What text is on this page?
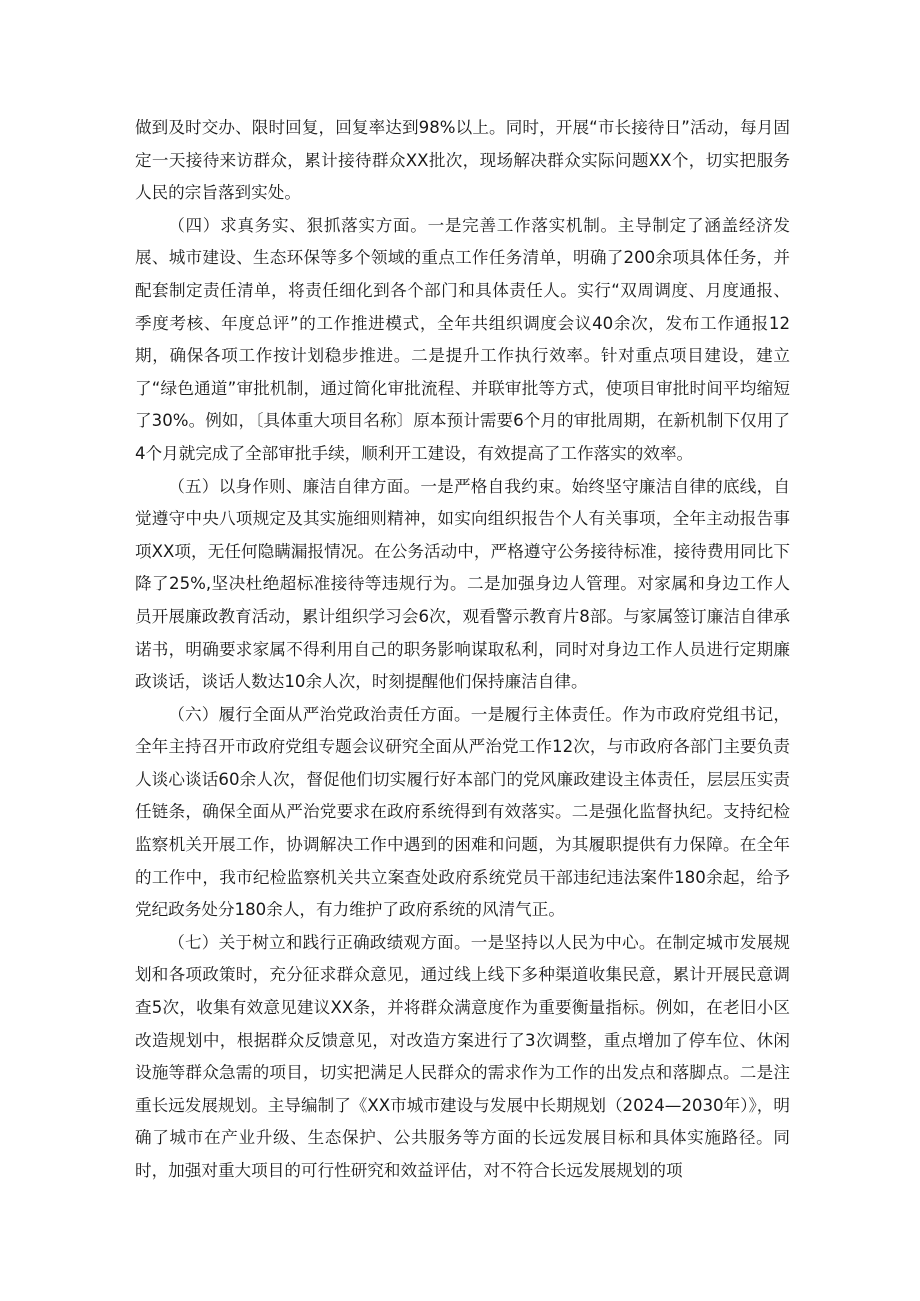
做到及时交办、限时回复，回复率达到98%以上。同时，开展“市长接待日”活动，每月固定一天接待来访群众，累计接待群众XX批次，现场解决群众实际问题XX个，切实把服务人民的宗旨落到实处。

（四）求真务实、狠抓落实方面。一是完善工作落实机制。主导制定了涵盖经济发展、城市建设、生态环保等多个领域的重点工作任务清单，明确了200余项具体任务，并配套制定责任清单，将责任细化到各个部门和具体责任人。实行“双周调度、月度通报、季度考核、年度总评”的工作推进模式，全年共组织调度会议40余次，发布工作通报12期，确保各项工作按计划稳步推进。二是提升工作执行效率。针对重点项目建设，建立了“绿色通道”审批机制，通过简化审批流程、并联审批等方式，使项目审批时间平均缩短了30%。例如，〔具体重大项目名称〕原本预计需要6个月的审批周期，在新机制下仅用了4个月就完成了全部审批手续，顺利开工建设，有效提高了工作落实的效率。

（五）以身作则、廉洁自律方面。一是严格自我约束。始终坚守廉洁自律的底线，自觉遵守中央八项规定及其实施细则精神，如实向组织报告个人有关事项，全年主动报告事项XX项，无任何隐瞒漏报情况。在公务活动中，严格遵守公务接待标准，接待费用同比下降了25%,坚决杜绝超标准接待等违规行为。二是加强身边人管理。对家属和身边工作人员开展廉政教育活动，累计组织学习会6次，观看警示教育片8部。与家属签订廉洁自律承诺书，明确要求家属不得利用自己的职务影响谋取私利，同时对身边工作人员进行定期廉政谈话，谈话人数达10余人次，时刻提醒他们保持廉洁自律。

（六）履行全面从严治党政治责任方面。一是履行主体责任。作为市政府党组书记，全年主持召开市政府党组专题会议研究全面从严治党工作12次，与市政府各部门主要负责人谈心谈话60余人次，督促他们切实履行好本部门的党风廉政建设主体责任，层层压实责任链条，确保全面从严治党要求在政府系统得到有效落实。二是强化监督执纪。支持纪检监察机关开展工作，协调解决工作中遇到的困难和问题，为其履职提供有力保障。在全年的工作中，我市纪检监察机关共立案查处政府系统党员干部违纪违法案件180余起，给予党纪政务处分180余人，有力维护了政府系统的风清气正。

（七）关于树立和践行正确政绩观方面。一是坚持以人民为中心。在制定城市发展规划和各项政策时，充分征求群众意见，通过线上线下多种渠道收集民意，累计开展民意调查5次，收集有效意见建议XX条，并将群众满意度作为重要衡量指标。例如，在老旧小区改造规划中，根据群众反馈意见，对改造方案进行了3次调整，重点增加了停车位、休闲设施等群众急需的项目，切实把满足人民群众的需求作为工作的出发点和落脚点。二是注重长远发展规划。主导编制了《XX市城市建设与发展中长期规划（2024—2030年）》，明确了城市在产业升级、生态保护、公共服务等方面的长远发展目标和具体实施路径。同时，加强对重大项目的可行性研究和效益评估，对不符合长远发展规划的项
